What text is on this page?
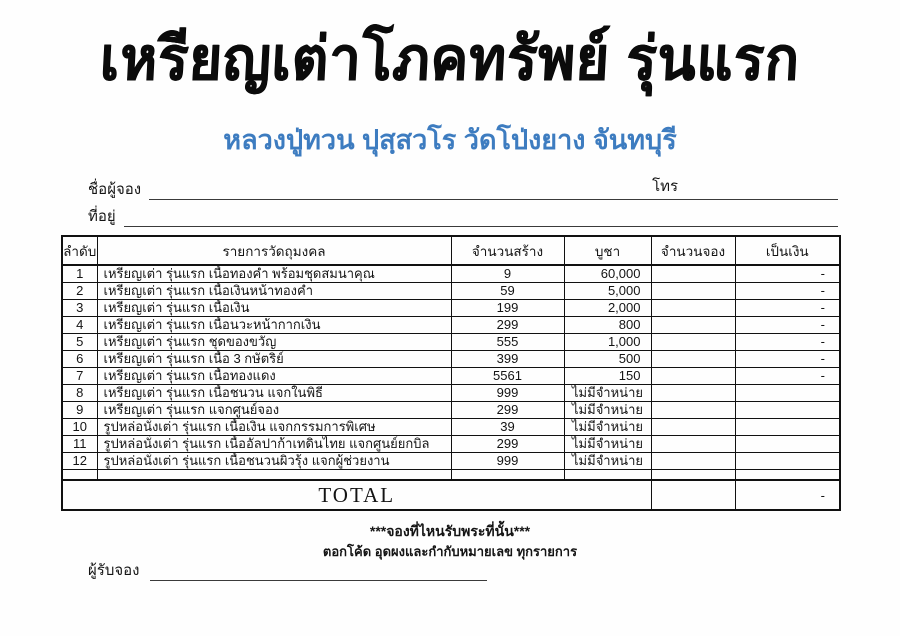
เหรียญเต่าโภคทรัพย์ รุ่นแรก
หลวงปู่ทวน ปุสฺสวโร วัดโป่งยาง จันทบุรี
ชื่อผู้จอง	โทร
ที่อยู่
ลำดับ	รายการวัดถุมงคล	จำนวนสร้าง	บูชา	จำนวนจอง	เป็นเงิน
1	เหรียญเต่า รุ่นแรก เนื้อทองคำ พร้อมชุดสมนาคุณ	9	60,000		-
2	เหรียญเต่า รุ่นแรก เนื้อเงินหน้าทองคำ	59	5,000		-
3	เหรียญเต่า รุ่นแรก เนื้อเงิน	199	2,000		-
4	เหรียญเต่า รุ่นแรก เนื้อนวะหน้ากากเงิน	299	800		-
5	เหรียญเต่า รุ่นแรก ชุดของขวัญ	555	1,000		-
6	เหรียญเต่า รุ่นแรก เนื้อ 3 กษัตริย์	399	500		-
7	เหรียญเต่า รุ่นแรก เนื้อทองแดง	5561	150		-
8	เหรียญเต่า รุ่นแรก เนื้อชนวน แจกในพิธี	999	ไม่มีจำหน่าย		
9	เหรียญเต่า รุ่นแรก แจกศูนย์จอง	299	ไม่มีจำหน่าย		
10	รูปหล่อนั่งเต่า รุ่นแรก เนื้อเงิน แจกกรรมการพิเศษ	39	ไม่มีจำหน่าย		
11	รูปหล่อนั่งเต่า รุ่นแรก เนื้ออัลปาก้าเทดินไทย แจกศูนย์ยกบิล	299	ไม่มีจำหน่าย		
12	รูปหล่อนั่งเต่า รุ่นแรก เนื้อชนวนผิวรุ้ง แจกผู้ช่วยงาน	999	ไม่มีจำหน่าย		

TOTAL					-
***จองที่ไหนรับพระที่นั้น***
ตอกโค้ด อุดผงและกำกับหมายเลข ทุกรายการ
ผู้รับจอง
